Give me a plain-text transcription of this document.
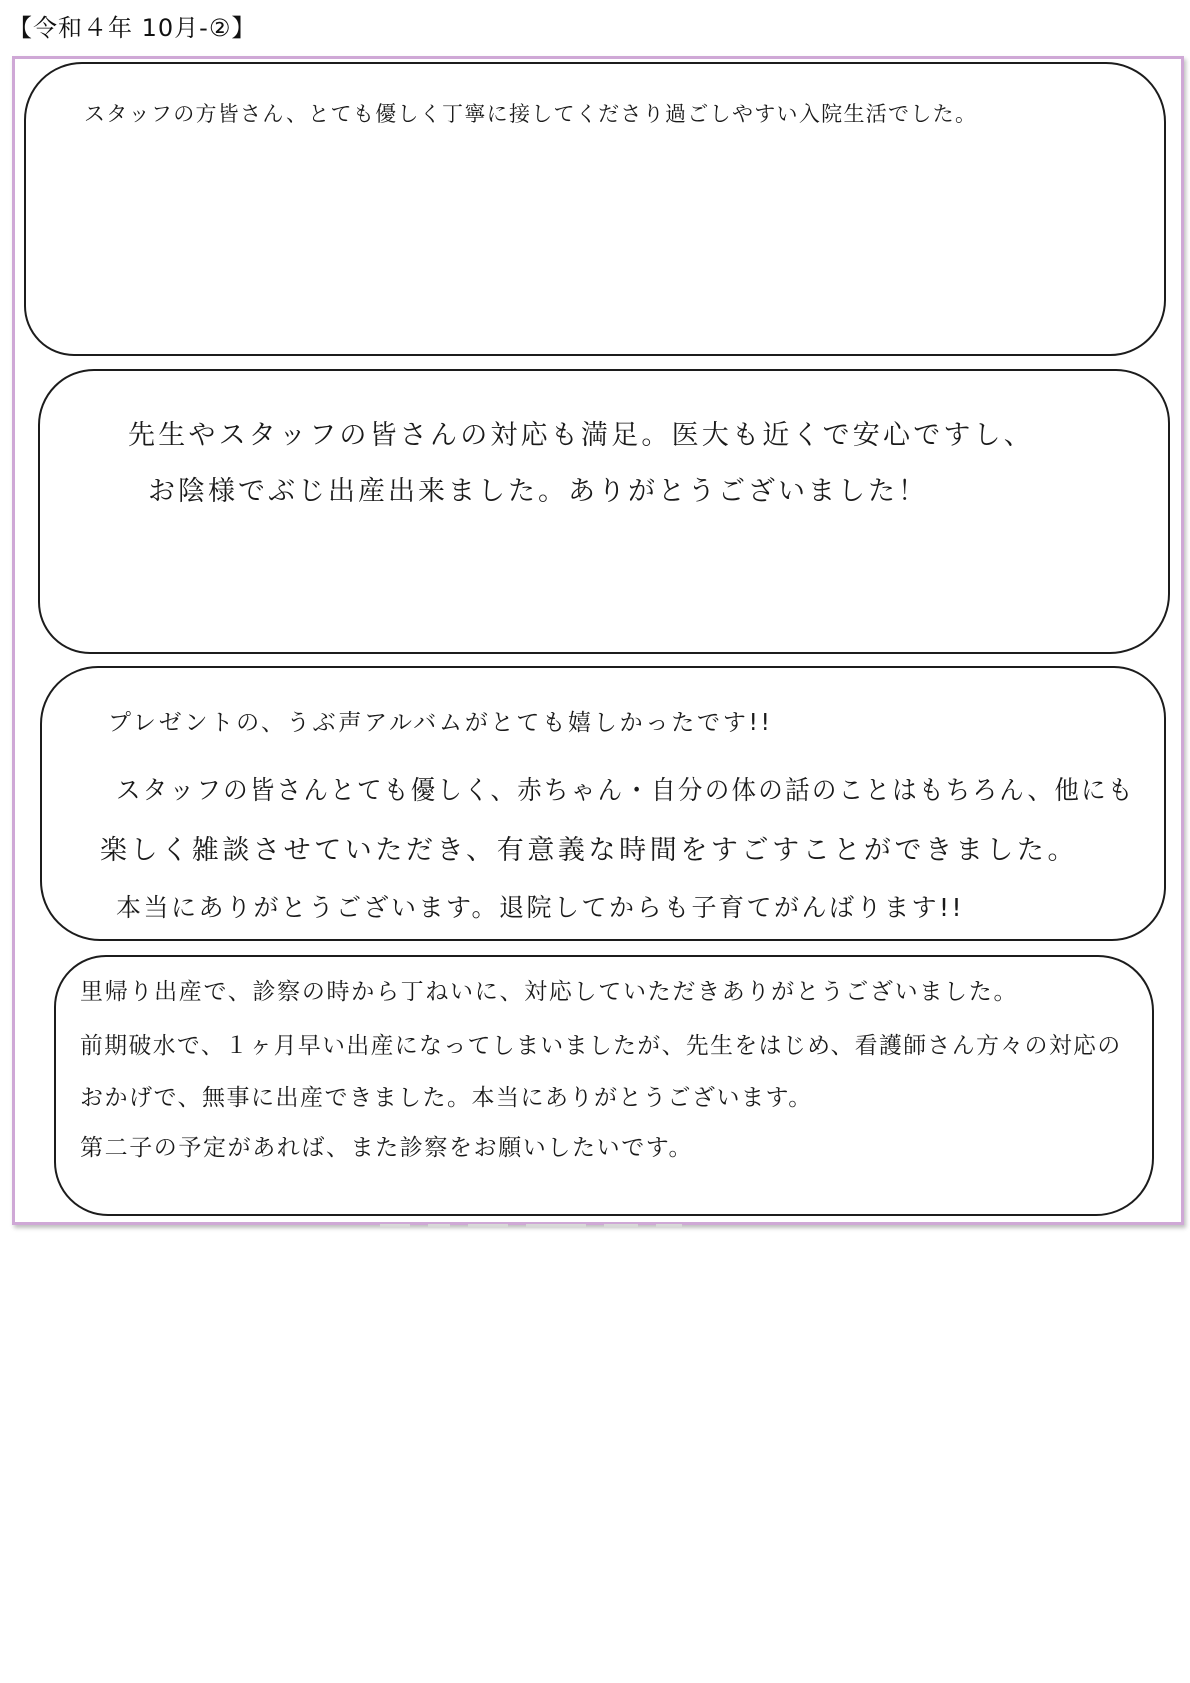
【令和４年 10月-②】
スタッフの方皆さん、とても優しく丁寧に接してくださり過ごしやすい入院生活でした。
先生やスタッフの皆さんの対応も満足。医大も近くで安心ですし、
お陰様でぶじ出産出来ました。ありがとうございました！
プレゼントの、うぶ声アルバムがとても嬉しかったです!!
スタッフの皆さんとても優しく、赤ちゃん・自分の体の話のことはもちろん、他にも
楽しく雑談させていただき、有意義な時間をすごすことができました。
本当にありがとうございます。退院してからも子育てがんばります!!
里帰り出産で、診察の時から丁ねいに、対応していただきありがとうございました。
前期破水で、１ヶ月早い出産になってしまいましたが、先生をはじめ、看護師さん方々の対応の
おかげで、無事に出産できました。本当にありがとうございます。
第二子の予定があれば、また診察をお願いしたいです。
